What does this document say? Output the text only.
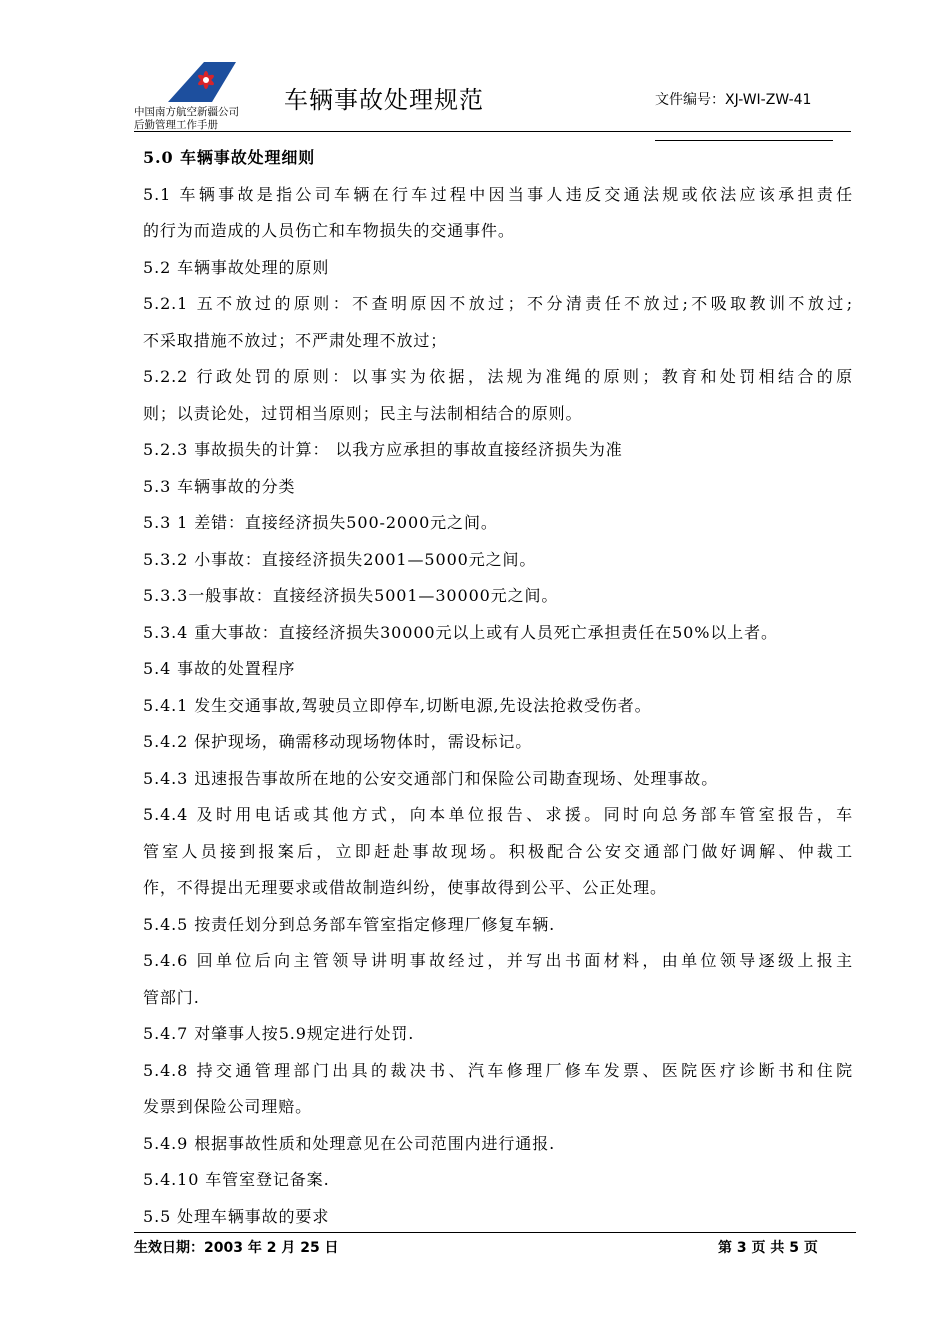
中国南方航空新疆公司
后勤管理工作手册
车辆事故处理规范	文件编号：XJ-WI-ZW-41
5.0 车辆事故处理细则
5.1 车辆事故是指公司车辆在行车过程中因当事人违反交通法规或依法应该承担责任
的行为而造成的人员伤亡和车物损失的交通事件。
5.2 车辆事故处理的原则
5.2.1 五不放过的原则：不查明原因不放过；不分清责任不放过;不吸取教训不放过;
不采取措施不放过；不严肃处理不放过；
5.2.2 行政处罚的原则：以事实为依据，法规为准绳的原则；教育和处罚相结合的原
则；以责论处，过罚相当原则；民主与法制相结合的原则。
5.2.3 事故损失的计算： 以我方应承担的事故直接经济损失为准
5.3 车辆事故的分类
5.3 1 差错：直接经济损失500-2000元之间。
5.3.2 小事故：直接经济损失2001—5000元之间。
5.3.3一般事故：直接经济损失5001—30000元之间。
5.3.4 重大事故：直接经济损失30000元以上或有人员死亡承担责任在50%以上者。
5.4 事故的处置程序
5.4.1 发生交通事故,驾驶员立即停车,切断电源,先设法抢救受伤者。
5.4.2 保护现场，确需移动现场物体时，需设标记。
5.4.3 迅速报告事故所在地的公安交通部门和保险公司勘查现场、处理事故。
5.4.4 及时用电话或其他方式，向本单位报告、求援。同时向总务部车管室报告，车
管室人员接到报案后，立即赶赴事故现场。积极配合公安交通部门做好调解、仲裁工
作，不得提出无理要求或借故制造纠纷，使事故得到公平、公正处理。
5.4.5 按责任划分到总务部车管室指定修理厂修复车辆.
5.4.6 回单位后向主管领导讲明事故经过，并写出书面材料，由单位领导逐级上报主
管部门.
5.4.7 对肇事人按5.9规定进行处罚.
5.4.8 持交通管理部门出具的裁决书、汽车修理厂修车发票、医院医疗诊断书和住院
发票到保险公司理赔。
5.4.9 根据事故性质和处理意见在公司范围内进行通报.
5.4.10 车管室登记备案.
5.5 处理车辆事故的要求
生效日期：2003 年 2 月 25 日	第 3 页 共 5 页
